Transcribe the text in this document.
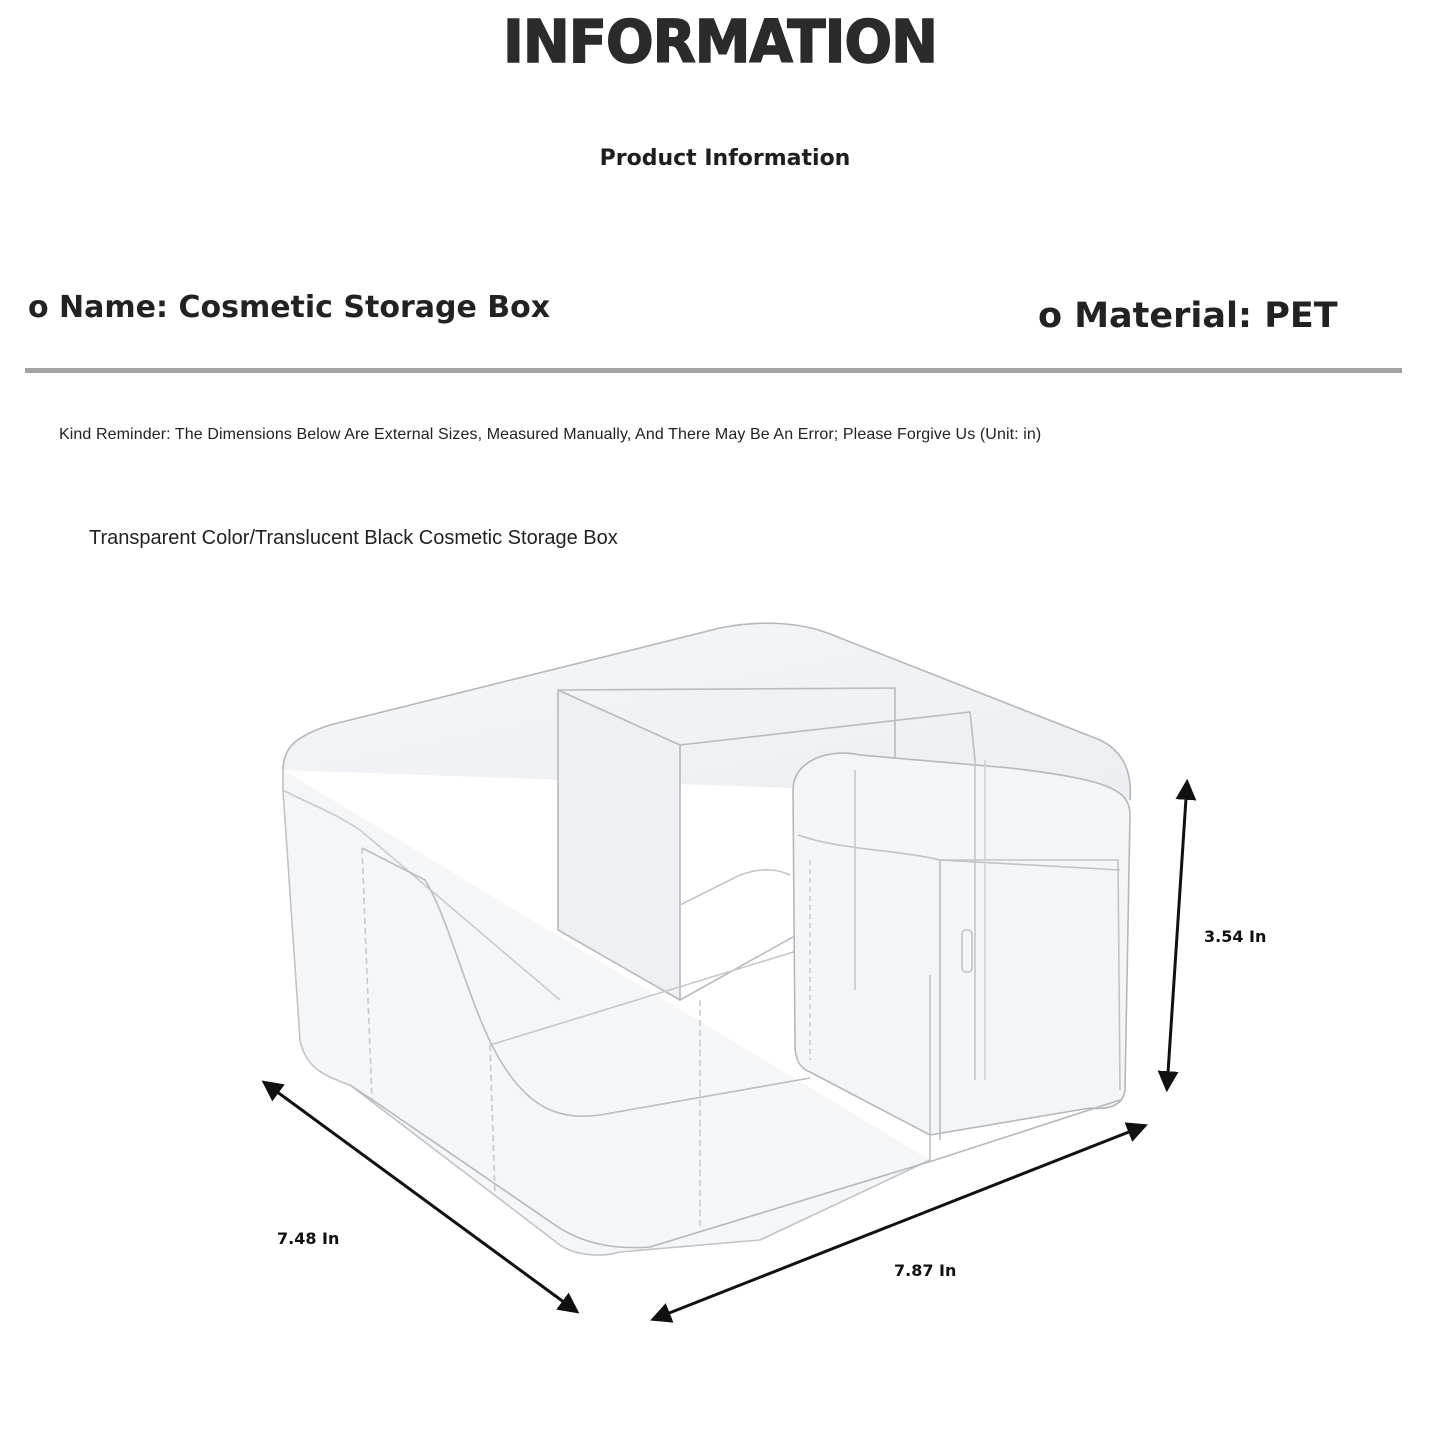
INFORMATION
Product Information
o Name: Cosmetic Storage Box	o Material: PET
Kind Reminder: The Dimensions Below Are External Sizes, Measured Manually, And There May Be An Error; Please Forgive Us (Unit: in)
Transparent Color/Translucent Black Cosmetic Storage Box
7.48 In
7.87 In
3.54 In
